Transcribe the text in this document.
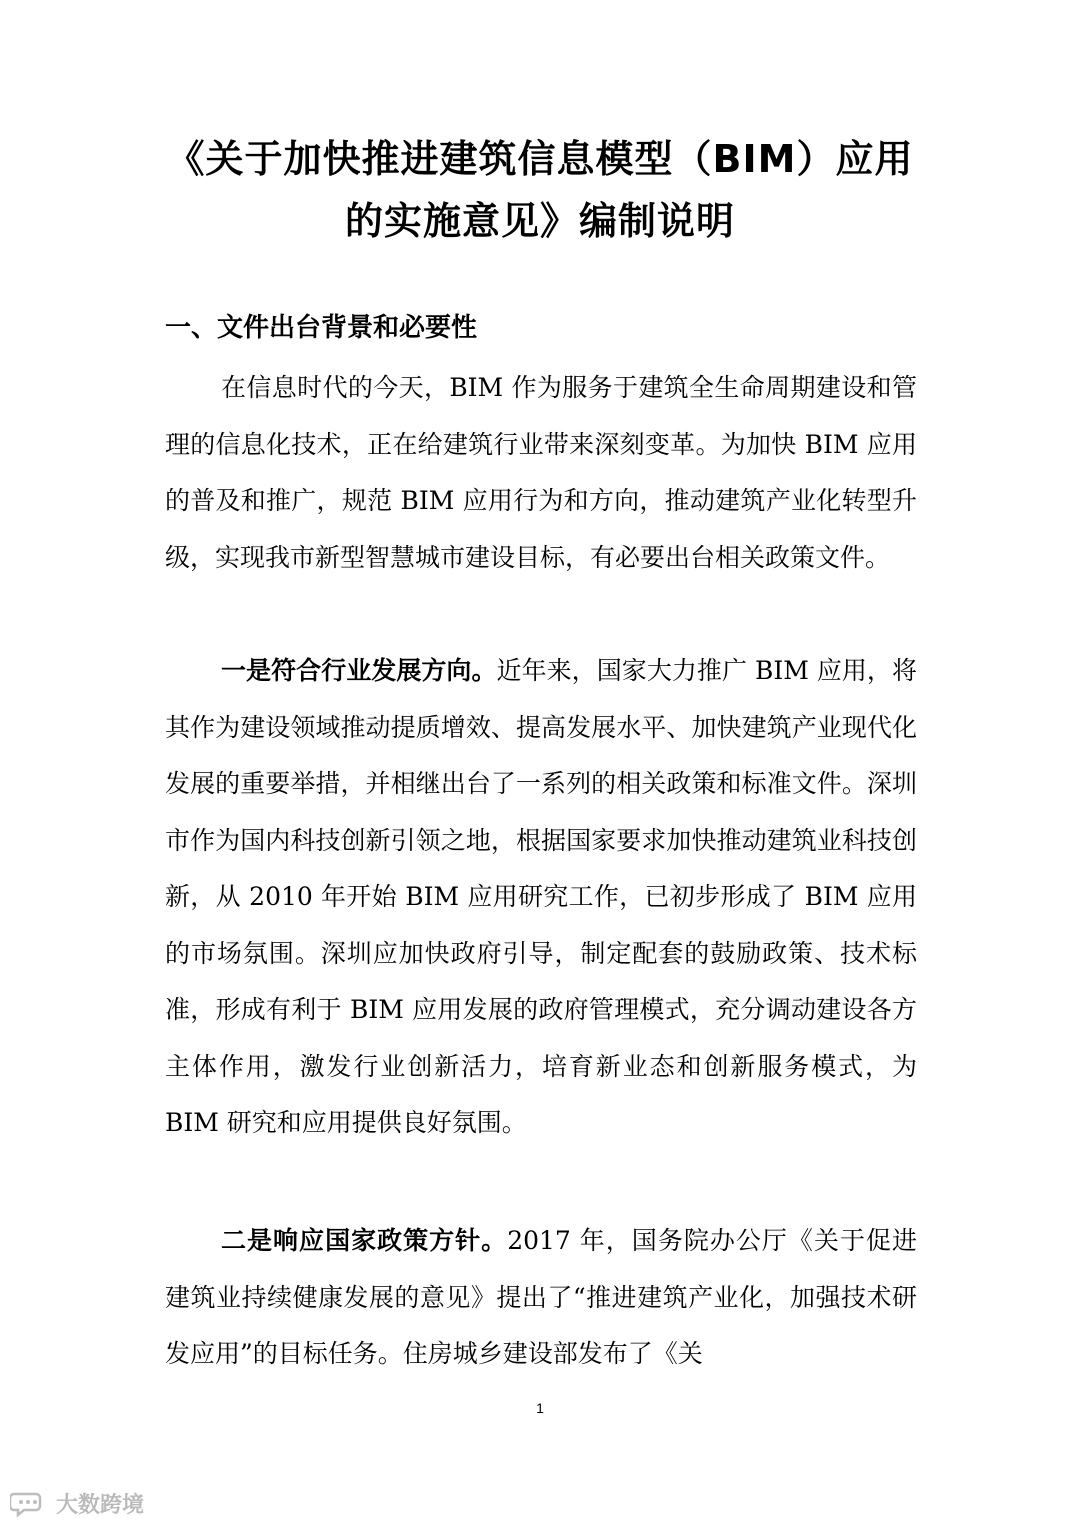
《关于加快推进建筑信息模型（BIM）应用
的实施意见》编制说明
一、文件出台背景和必要性

在信息时代的今天，BIM 作为服务于建筑全生命周期建设和管理的信息化技术，正在给建筑行业带来深刻变革。为加快 BIM 应用的普及和推广，规范 BIM 应用行为和方向，推动建筑产业化转型升级，实现我市新型智慧城市建设目标，有必要出台相关政策文件。

一是符合行业发展方向。近年来，国家大力推广 BIM 应用，将其作为建设领域推动提质增效、提高发展水平、加快建筑产业现代化发展的重要举措，并相继出台了一系列的相关政策和标准文件。深圳市作为国内科技创新引领之地，根据国家要求加快推动建筑业科技创新，从 2010 年开始 BIM 应用研究工作，已初步形成了 BIM 应用的市场氛围。深圳应加快政府引导，制定配套的鼓励政策、技术标准，形成有利于 BIM 应用发展的政府管理模式，充分调动建设各方主体作用，激发行业创新活力，培育新业态和创新服务模式，为 BIM 研究和应用提供良好氛围。

二是响应国家政策方针。2017 年，国务院办公厅《关于促进建筑业持续健康发展的意见》提出了“推进建筑产业化，加强技术研发应用”的目标任务。住房城乡建设部发布了《关

1
大数跨境
